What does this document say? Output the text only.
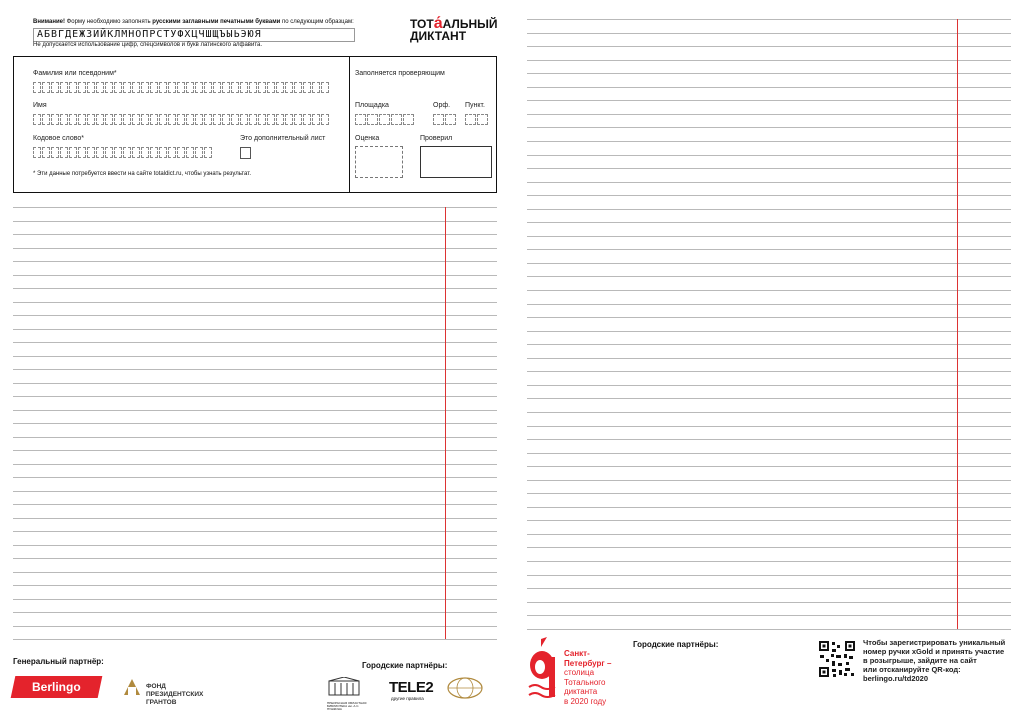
Внимание! Форму необходимо заполнять русскими заглавными печатными буквами по следующим образцам:
АБВГДЕЖЗИЙКЛМНОПРСТУФХЦЧШЩЪЫЬЭЮЯ
Не допускается использование цифр, спецсимволов и букв латинского алфавита.
ТОТа́АЛЬНЫЙ
ДИКТАНТ
Фамилия или псевдоним*
Имя
Кодовое слово*	Это дополнительный лист
* Эти данные потребуется ввести на сайте totaldict.ru, чтобы узнать результат.
Заполняется проверяющим
Площадка	Орф. Пункт.
Оценка	Проверил
Генеральный партнёр:
Berlingo	ФОНД
ПРЕЗИДЕНТСКИХ
ГРАНТОВ
Городские партнёры:
ПРЕКРАСНАЯ ОБЛАСТНАЯ БИБЛИОТЕКА им. А.С. ПУШКИНА
TELE2
другие правила
Санкт-
Петербург –
столица
Тотального
диктанта
в 2020 году
Городские партнёры:	Чтобы зарегистрировать уникальный
номер ручки xGold и принять участие
в розыгрыше, зайдите на сайт
или отсканируйте QR-код:
berlingo.ru/td2020
